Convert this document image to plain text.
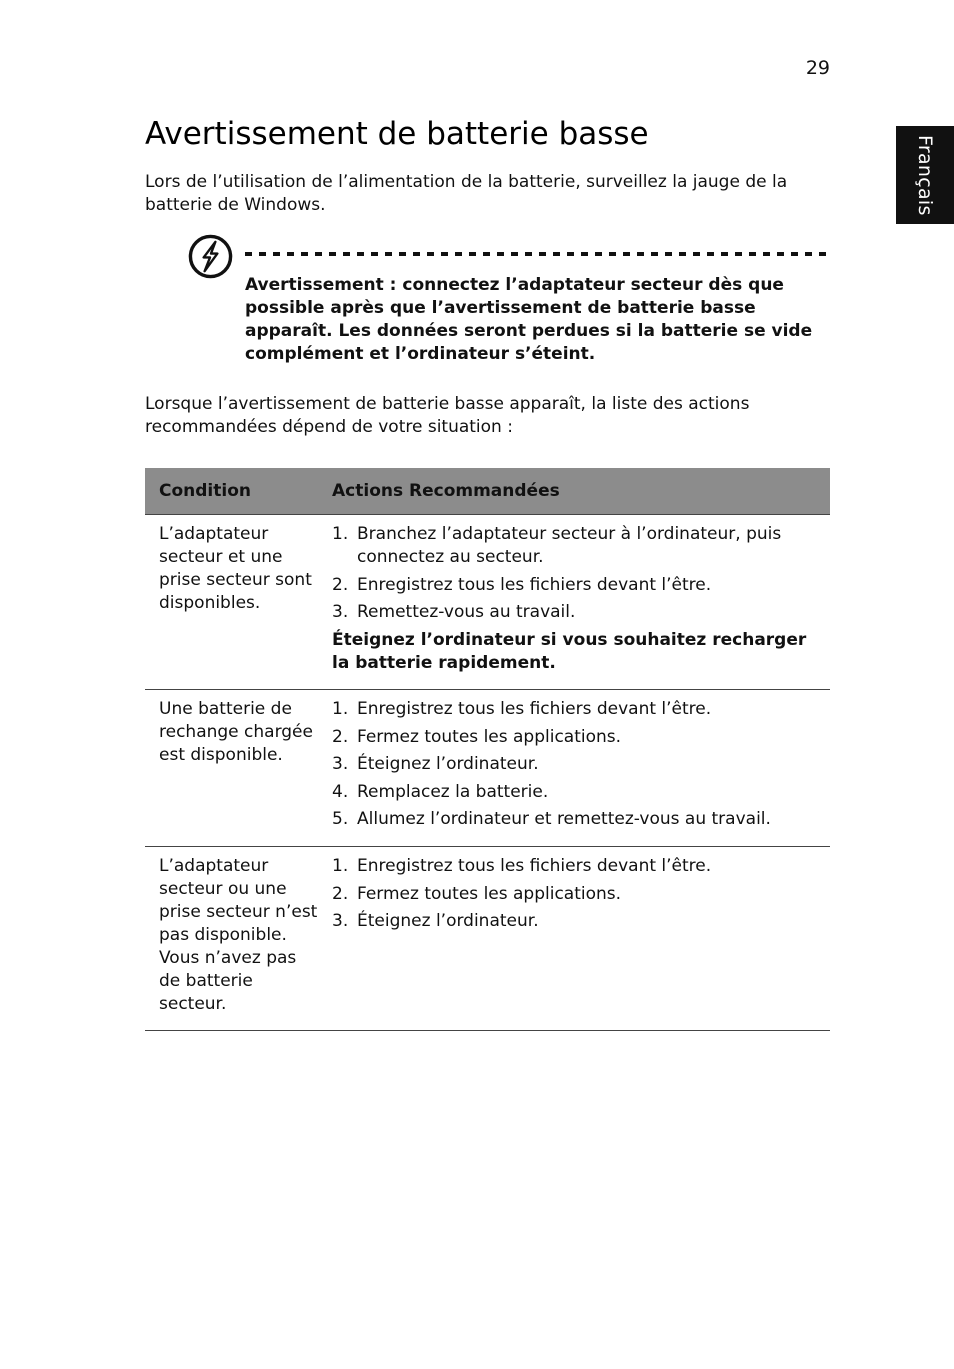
29
Français
Avertissement de batterie basse

Lors de l’utilisation de l’alimentation de la batterie, surveillez la jauge de la batterie de Windows.

Avertissement : connectez l’adaptateur secteur dès que possible après que l’avertissement de batterie basse apparaît. Les données seront perdues si la batterie se vide complément et l’ordinateur s’éteint.

Lorsque l’avertissement de batterie basse apparaît, la liste des actions recommandées dépend de votre situation :

Condition	Actions Recommandées
L’adaptateur
secteur et une
prise secteur sont
disponibles.
1. Branchez l’adaptateur secteur à l’ordinateur, puis connectez au secteur.
2. Enregistrez tous les fichiers devant l’être.
3. Remettez-vous au travail.

Éteignez l’ordinateur si vous souhaitez recharger la batterie rapidement.

Une batterie de
rechange chargée
est disponible.
1. Enregistrez tous les fichiers devant l’être.
2. Fermez toutes les applications.
3. Éteignez l’ordinateur.
4. Remplacez la batterie.
5. Allumez l’ordinateur et remettez-vous au travail.
L’adaptateur
secteur ou une
prise secteur n’est
pas disponible.
Vous n’avez pas
de batterie
secteur.
1. Enregistrez tous les fichiers devant l’être.
2. Fermez toutes les applications.
3. Éteignez l’ordinateur.
